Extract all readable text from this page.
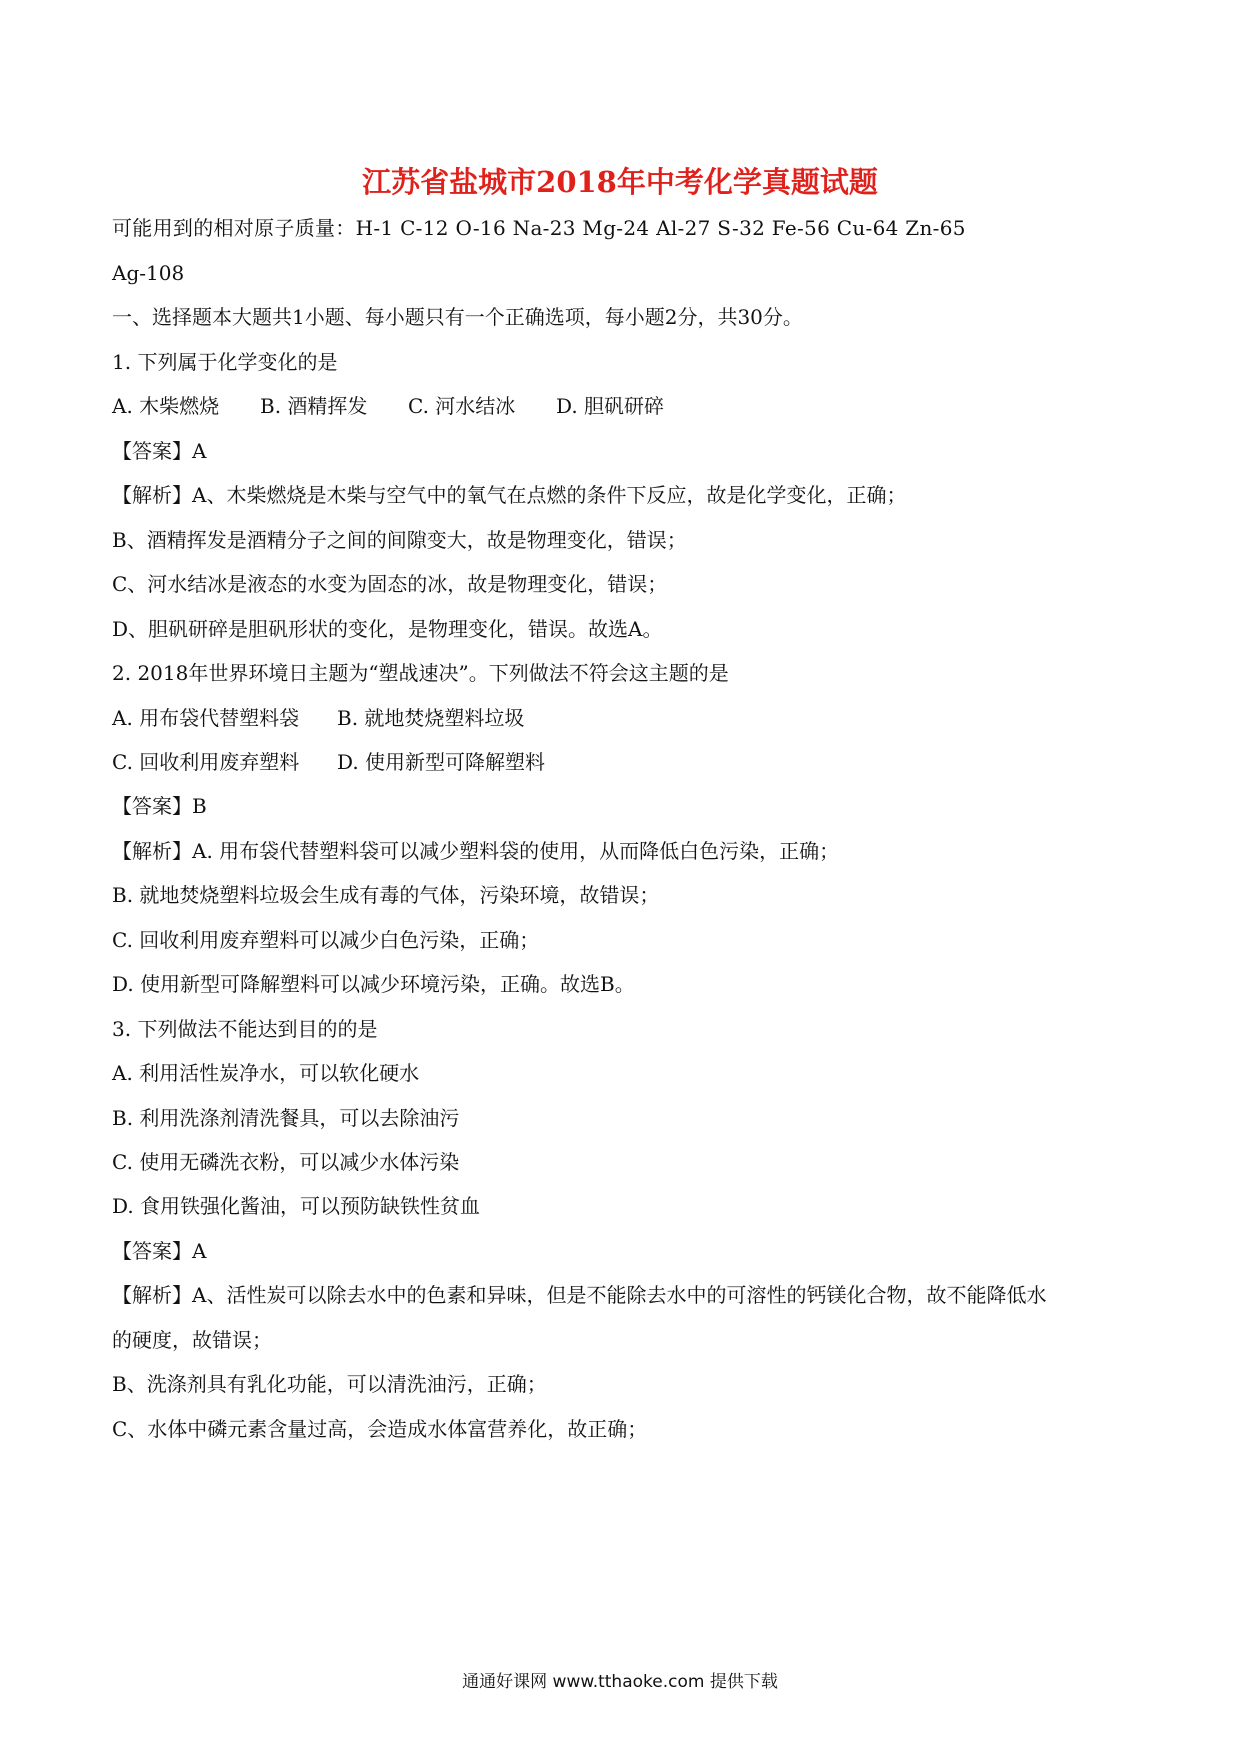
江苏省盐城市2018年中考化学真题试题
可能用到的相对原子质量：H-1 C-12 O-16 Na-23 Mg-24 Al-27 S-32 Fe-56 Cu-64 Zn-65
Ag-108
一、选择题本大题共1小题、每小题只有一个正确选项，每小题2分，共30分。
1. 下列属于化学变化的是
A. 木柴燃烧 B. 酒精挥发 C. 河水结冰 D. 胆矾研碎
【答案】A
【解析】A、木柴燃烧是木柴与空气中的氧气在点燃的条件下反应，故是化学变化，正确；
B、酒精挥发是酒精分子之间的间隙变大，故是物理变化，错误；
C、河水结冰是液态的水变为固态的冰，故是物理变化，错误；
D、胆矾研碎是胆矾形状的变化，是物理变化，错误。故选A。
2. 2018年世界环境日主题为“塑战速决”。下列做法不符会这主题的是
A. 用布袋代替塑料袋 B. 就地焚烧塑料垃圾
C. 回收利用废弃塑料 D. 使用新型可降解塑料
【答案】B
【解析】A. 用布袋代替塑料袋可以减少塑料袋的使用，从而降低白色污染，正确；
B. 就地焚烧塑料垃圾会生成有毒的气体，污染环境，故错误；
C. 回收利用废弃塑料可以减少白色污染，正确；
D. 使用新型可降解塑料可以减少环境污染，正确。故选B。
3. 下列做法不能达到目的的是
A. 利用活性炭净水，可以软化硬水
B. 利用洗涤剂清洗餐具，可以去除油污
C. 使用无磷洗衣粉，可以减少水体污染
D. 食用铁强化酱油，可以预防缺铁性贫血
【答案】A
【解析】A、活性炭可以除去水中的色素和异味，但是不能除去水中的可溶性的钙镁化合物，故不能降低水
的硬度，故错误；
B、洗涤剂具有乳化功能，可以清洗油污，正确；
C、水体中磷元素含量过高，会造成水体富营养化，故正确；
通通好课网 www.tthaoke.com 提供下载
